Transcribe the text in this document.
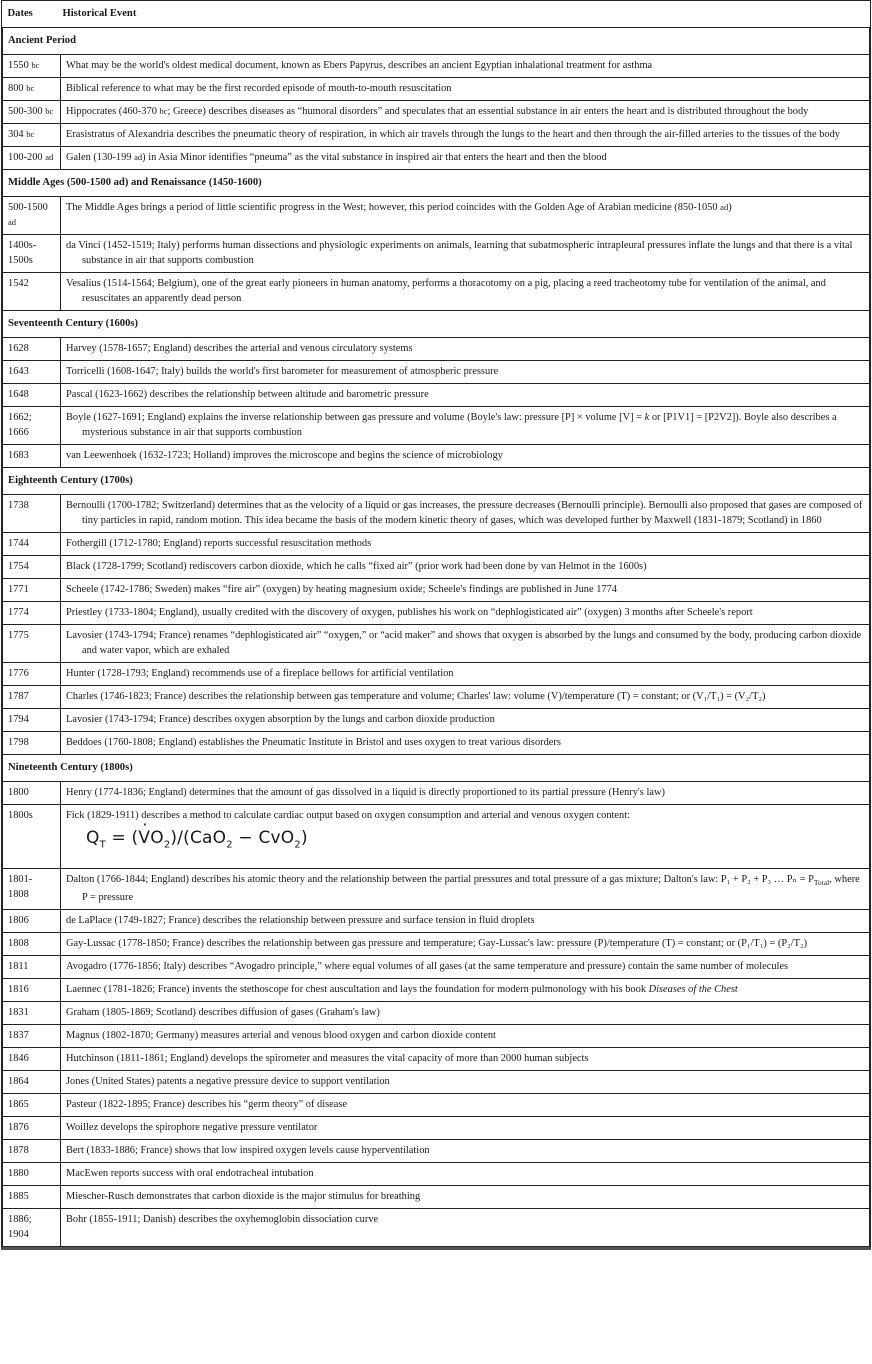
Dates	Historical Event
Ancient Period	
1550 bc	What may be the world's oldest medical document, known as Ebers Papyrus, describes an ancient Egyptian inhalational treatment for asthma

800 bc	Biblical reference to what may be the first recorded episode of mouth-to-mouth resuscitation

500-300 bc	Hippocrates (460-370 bc; Greece) describes diseases as “humoral disorders” and speculates that an essential substance in air enters the heart and is distributed throughout the body

304 bc	Erasistratus of Alexandria describes the pneumatic theory of respiration, in which air travels through the lungs to the heart and then through the air-filled arteries to the tissues of the body

100-200 ad	Galen (130-199 ad) in Asia Minor identifies “pneuma” as the vital substance in inspired air that enters the heart and then the blood

Middle Ages (500-1500 ad) and Renaissance (1450-1600)	
500-1500 ad	The Middle Ages brings a period of little scientific progress in the West; however, this period coincides with the Golden Age of Arabian medicine (850-1050 ad)

1400s-
1500s	da Vinci (1452-1519; Italy) performs human dissections and physiologic experiments on animals, learning that subatmospheric intrapleural pressures inflate the lungs and that there is a vital substance in air that supports combustion

1542	Vesalius (1514-1564; Belgium), one of the great early pioneers in human anatomy, performs a thoracotomy on a pig, placing a reed tracheotomy tube for ventilation of the animal, and resuscitates an apparently dead person

Seventeenth Century (1600s)	
1628	Harvey (1578-1657; England) describes the arterial and venous circulatory systems

1643	Torricelli (1608-1647; Italy) builds the world's first barometer for measurement of atmospheric pressure

1648	Pascal (1623-1662) describes the relationship between altitude and barometric pressure

1662;
1666	Boyle (1627-1691; England) explains the inverse relationship between gas pressure and volume (Boyle's law: pressure [P] × volume [V] = k or [P1V1] = [P2V2]). Boyle also describes a mysterious substance in air that supports combustion

1683	van Leewenhoek (1632-1723; Holland) improves the microscope and begins the science of microbiology

Eighteenth Century (1700s)	
1738	Bernoulli (1700-1782; Switzerland) determines that as the velocity of a liquid or gas increases, the pressure decreases (Bernoulli principle). Bernoulli also proposed that gases are composed of tiny particles in rapid, random motion. This idea became the basis of the modern kinetic theory of gases, which was developed further by Maxwell (1831-1879; Scotland) in 1860

1744	Fothergill (1712-1780; England) reports successful resuscitation methods

1754	Black (1728-1799; Scotland) rediscovers carbon dioxide, which he calls “fixed air” (prior work had been done by van Helmot in the 1600s)

1771	Scheele (1742-1786; Sweden) makes “fire air” (oxygen) by heating magnesium oxide; Scheele's findings are published in June 1774

1774	Priestley (1733-1804; England), usually credited with the discovery of oxygen, publishes his work on “dephlogisticated air” (oxygen) 3 months after Scheele's report

1775	Lavosier (1743-1794; France) renames “dephlogisticated air” “oxygen,” or “acid maker” and shows that oxygen is absorbed by the lungs and consumed by the body, producing carbon dioxide and water vapor, which are exhaled

1776	Hunter (1728-1793; England) recommends use of a fireplace bellows for artificial ventilation

1787	Charles (1746-1823; France) describes the relationship between gas temperature and volume; Charles' law: volume (V)/temperature (T) = constant; or (V₁/T₁) = (V₂/T₂)

1794	Lavosier (1743-1794; France) describes oxygen absorption by the lungs and carbon dioxide production

1798	Beddoes (1760-1808; England) establishes the Pneumatic Institute in Bristol and uses oxygen to treat various disorders

Nineteenth Century (1800s)	
1800	Henry (1774-1836; England) determines that the amount of gas dissolved in a liquid is directly proportioned to its partial pressure (Henry's law)

1800s	Fick (1829-1911) describes a method to calculate cardiac output based on oxygen consumption and arterial and venous oxygen content:
$Q_T$ = (· $VO_2)/(CaO_2 - CvO_2)$

1801-
1808	Dalton (1766-1844; England) describes his atomic theory and the relationship between the partial pressures and total pressure of a gas mixture; Dalton's law: P₁ + P₂ + P₃ … $P_n = P_{Total}$, where P = pressure

1806	de LaPlace (1749-1827; France) describes the relationship between pressure and surface tension in fluid droplets

1808	Gay-Lussac (1778-1850; France) describes the relationship between gas pressure and temperature; Gay-Lussac's law: pressure (P)/temperature (T) = constant; or (P₁/T₁) = (P₂/T₂)

1811	Avogadro (1776-1856; Italy) describes “Avogadro principle,” where equal volumes of all gases (at the same temperature and pressure) contain the same number of molecules

1816	Laennec (1781-1826; France) invents the stethoscope for chest auscultation and lays the foundation for modern pulmonology with his book Diseases of the Chest

1831	Graham (1805-1869; Scotland) describes diffusion of gases (Graham's law)

1837	Magnus (1802-1870; Germany) measures arterial and venous blood oxygen and carbon dioxide content

1846	Hutchinson (1811-1861; England) develops the spirometer and measures the vital capacity of more than 2000 human subjects

1864	Jones (United States) patents a negative pressure device to support ventilation

1865	Pasteur (1822-1895; France) describes his “germ theory” of disease

1876	Woillez develops the spirophore negative pressure ventilator

1878	Bert (1833-1886; France) shows that low inspired oxygen levels cause hyperventilation

1880	MacEwen reports success with oral endotracheal intubation

1885	Miescher-Rusch demonstrates that carbon dioxide is the major stimulus for breathing

1886;
1904	Bohr (1855-1911; Danish) describes the oxyhemoglobin dissociation curve
